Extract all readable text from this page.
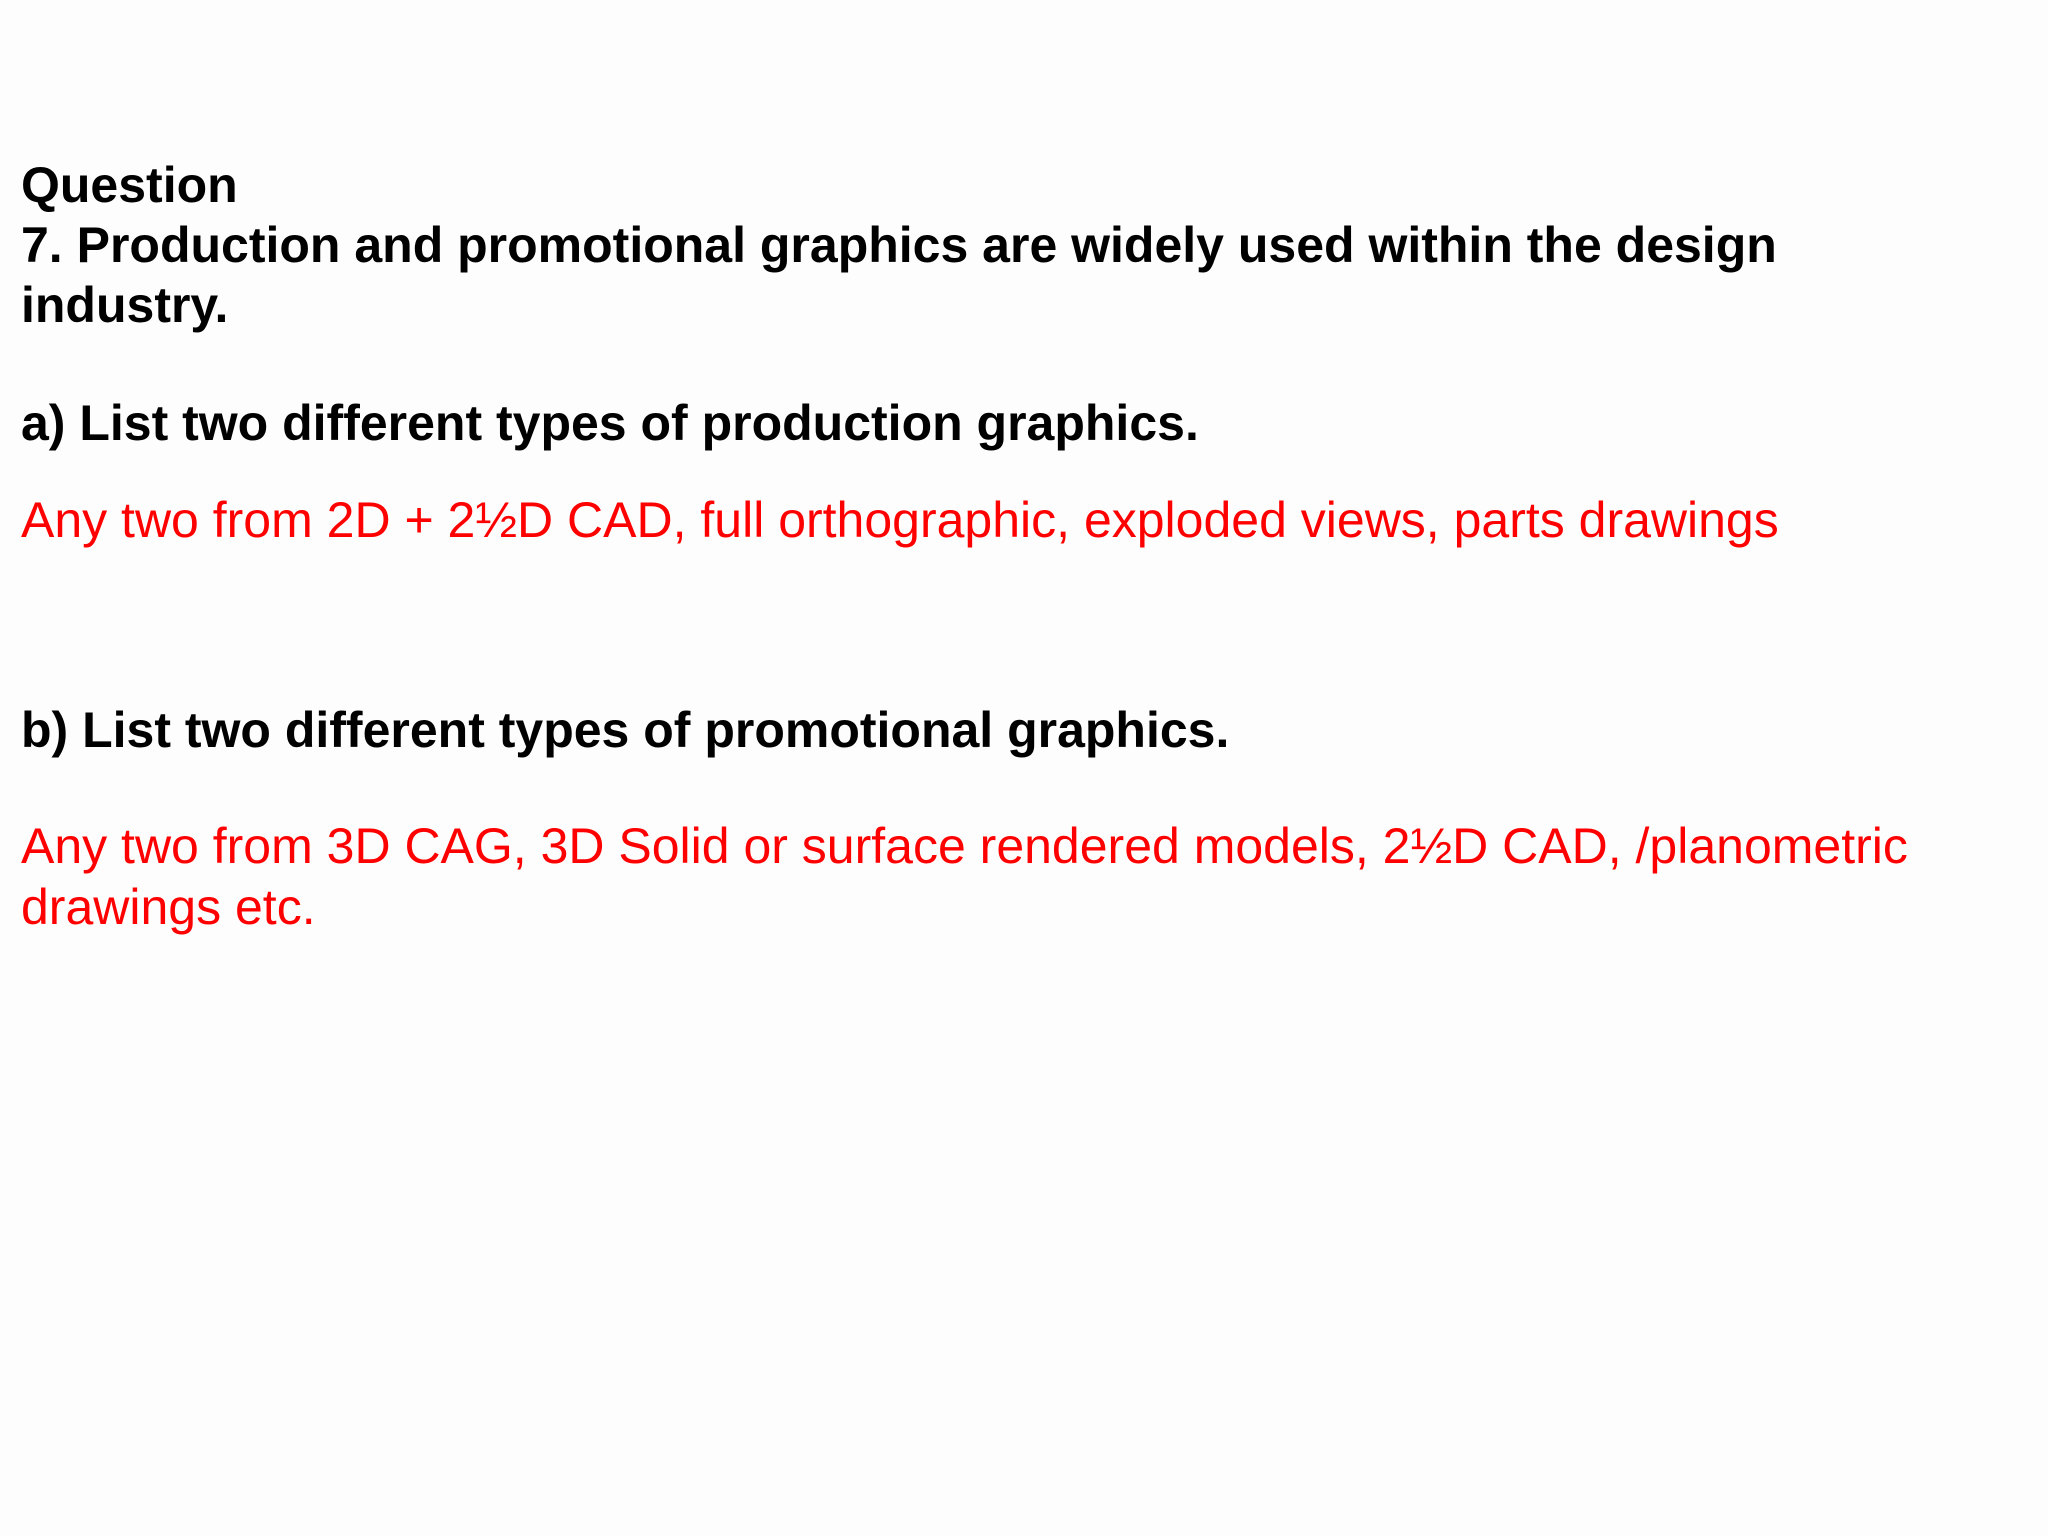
Question

7. Production and promotional graphics are widely used within the design

industry.

a) List two different types of production graphics.

Any two from 2D + 2½D CAD, full orthographic, exploded views, parts drawings

b) List two different types of promotional graphics.

Any two from 3D CAG, 3D Solid or surface rendered models, 2½D CAD, /planometric

drawings etc.
